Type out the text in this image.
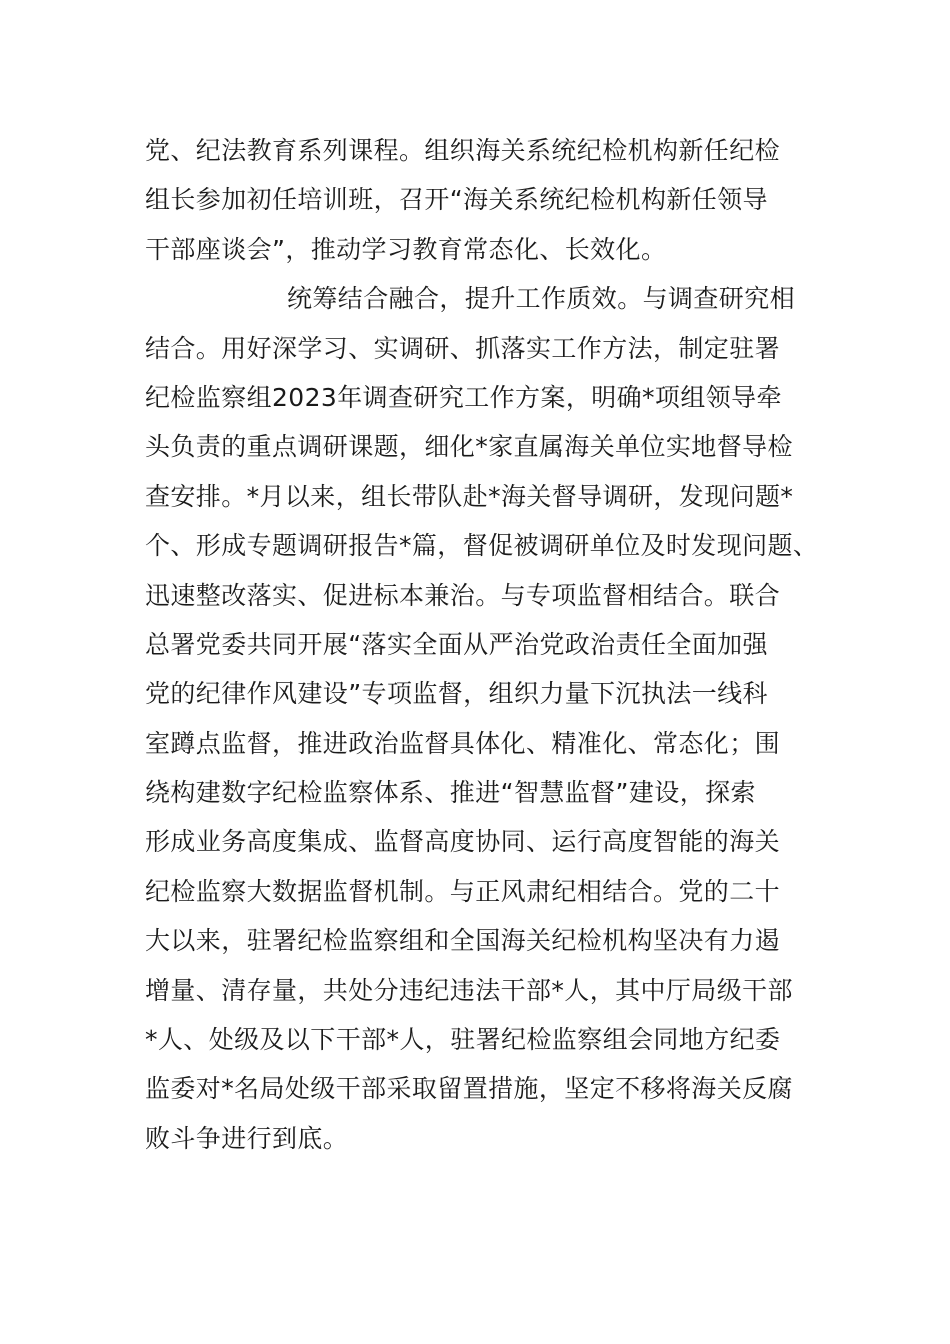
党、纪法教育系列课程。组织海关系统纪检机构新任纪检
组长参加初任培训班，召开“海关系统纪检机构新任领导
干部座谈会”，推动学习教育常态化、长效化。
统筹结合融合，提升工作质效。与调查研究相
结合。用好深学习、实调研、抓落实工作方法，制定驻署
纪检监察组2023年调查研究工作方案，明确*项组领导牵
头负责的重点调研课题，细化*家直属海关单位实地督导检
查安排。*月以来，组长带队赴*海关督导调研，发现问题*
个、形成专题调研报告*篇，督促被调研单位及时发现问题、
迅速整改落实、促进标本兼治。与专项监督相结合。联合
总署党委共同开展“落实全面从严治党政治责任全面加强
党的纪律作风建设”专项监督，组织力量下沉执法一线科
室蹲点监督，推进政治监督具体化、精准化、常态化；围
绕构建数字纪检监察体系、推进“智慧监督”建设，探索
形成业务高度集成、监督高度协同、运行高度智能的海关
纪检监察大数据监督机制。与正风肃纪相结合。党的二十
大以来，驻署纪检监察组和全国海关纪检机构坚决有力遏
增量、清存量，共处分违纪违法干部*人，其中厅局级干部
*人、处级及以下干部*人，驻署纪检监察组会同地方纪委
监委对*名局处级干部采取留置措施，坚定不移将海关反腐
败斗争进行到底。
